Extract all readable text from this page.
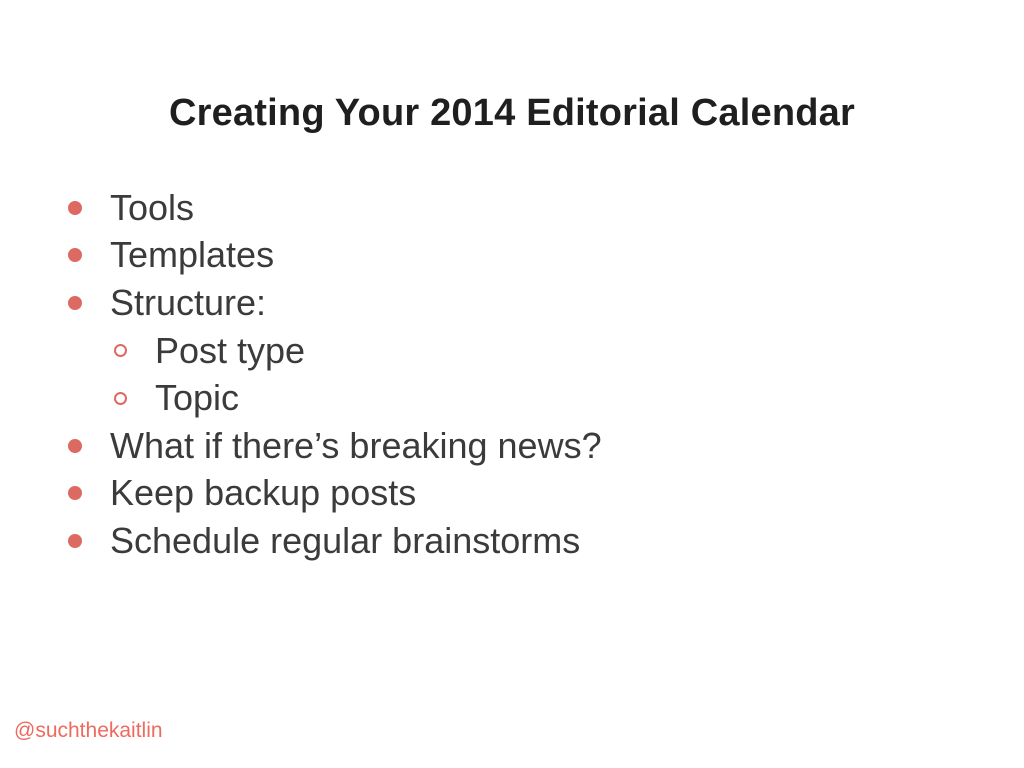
Creating Your 2014 Editorial Calendar
Tools
Templates
Structure:
Post type
Topic
What if there’s breaking news?
Keep backup posts
Schedule regular brainstorms
@suchthekaitlin
